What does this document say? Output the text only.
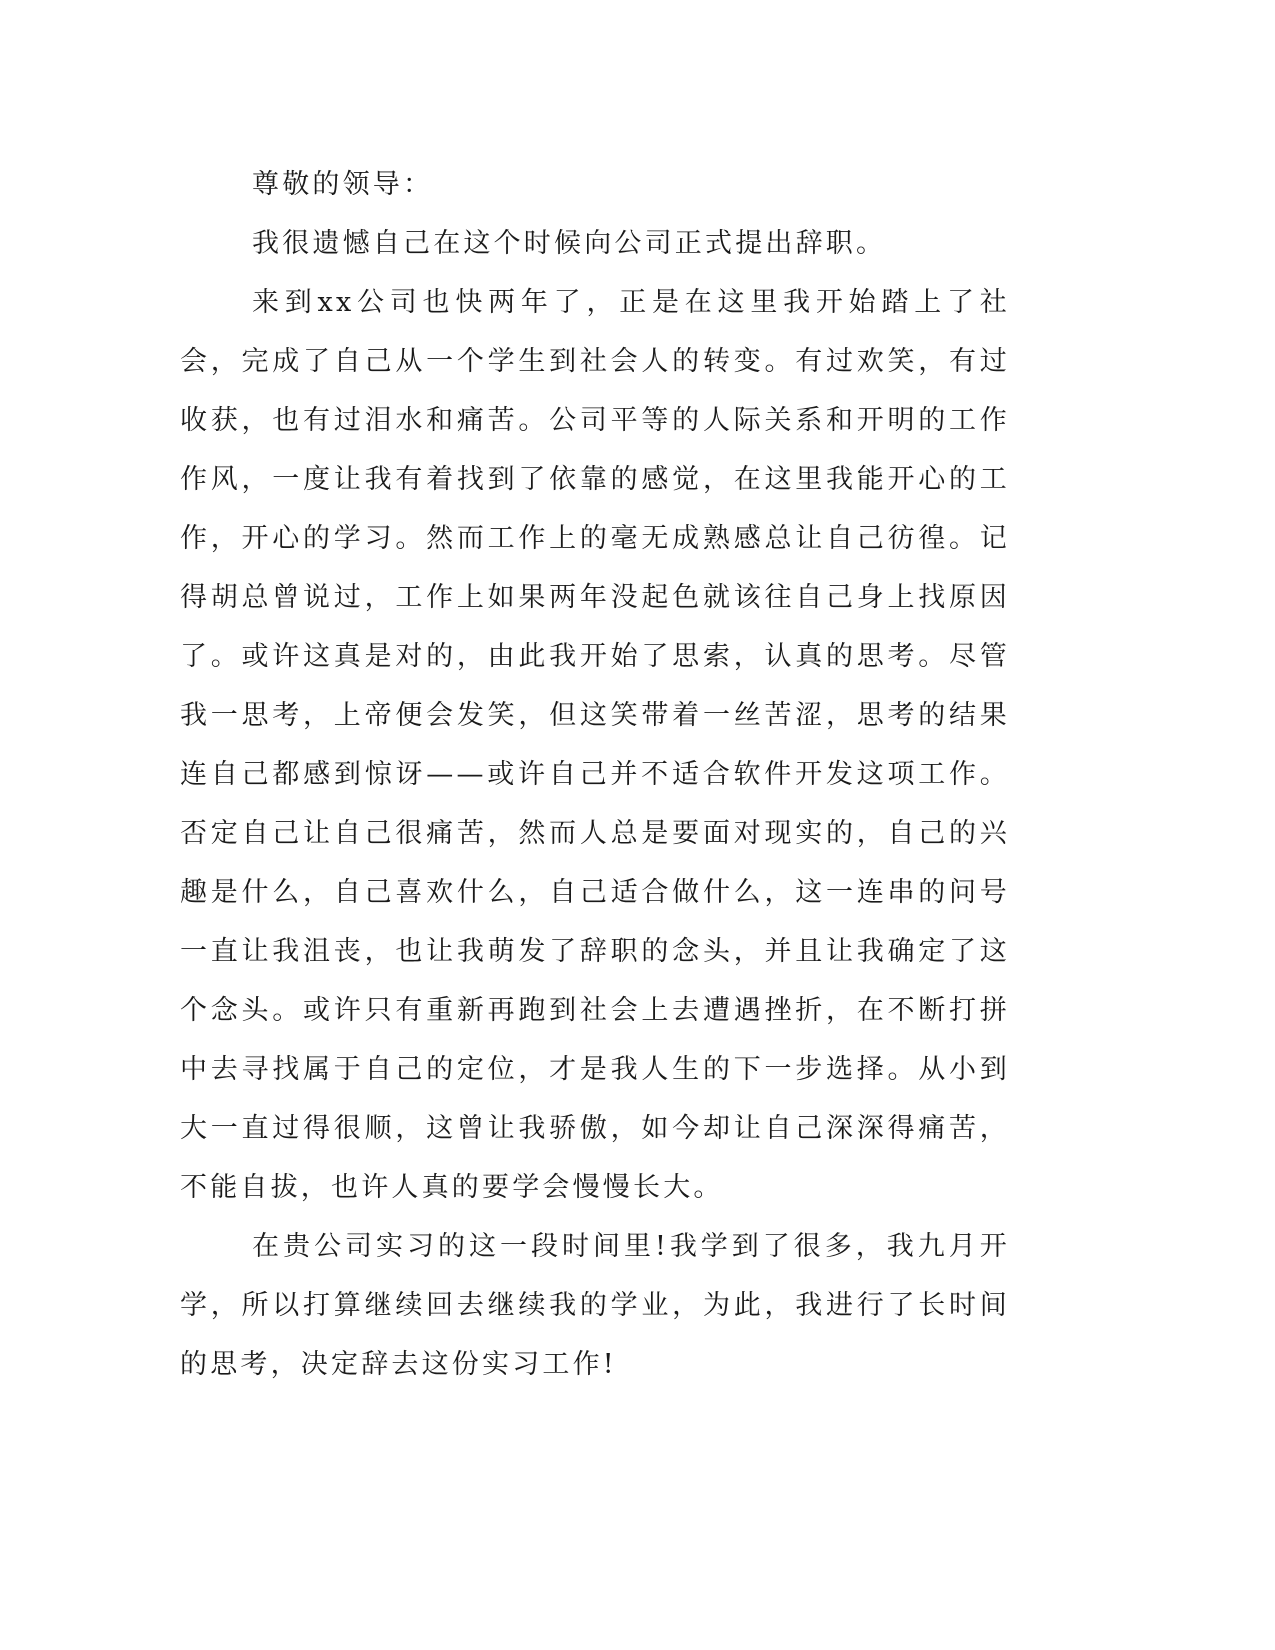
尊敬的领导：

我很遗憾自己在这个时候向公司正式提出辞职。

来到xx公司也快两年了，正是在这里我开始踏上了社会，完成了自己从一个学生到社会人的转变。有过欢笑，有过收获，也有过泪水和痛苦。公司平等的人际关系和开明的工作作风，一度让我有着找到了依靠的感觉，在这里我能开心的工作，开心的学习。然而工作上的毫无成熟感总让自己彷徨。记得胡总曾说过，工作上如果两年没起色就该往自己身上找原因了。或许这真是对的，由此我开始了思索，认真的思考。尽管我一思考，上帝便会发笑，但这笑带着一丝苦涩，思考的结果连自己都感到惊讶——或许自己并不适合软件开发这项工作。否定自己让自己很痛苦，然而人总是要面对现实的，自己的兴趣是什么，自己喜欢什么，自己适合做什么，这一连串的问号一直让我沮丧，也让我萌发了辞职的念头，并且让我确定了这个念头。或许只有重新再跑到社会上去遭遇挫折，在不断打拼中去寻找属于自己的定位，才是我人生的下一步选择。从小到大一直过得很顺，这曾让我骄傲，如今却让自己深深得痛苦，不能自拔，也许人真的要学会慢慢长大。

在贵公司实习的这一段时间里!我学到了很多，我九月开学，所以打算继续回去继续我的学业，为此，我进行了长时间的思考，决定辞去这份实习工作!
